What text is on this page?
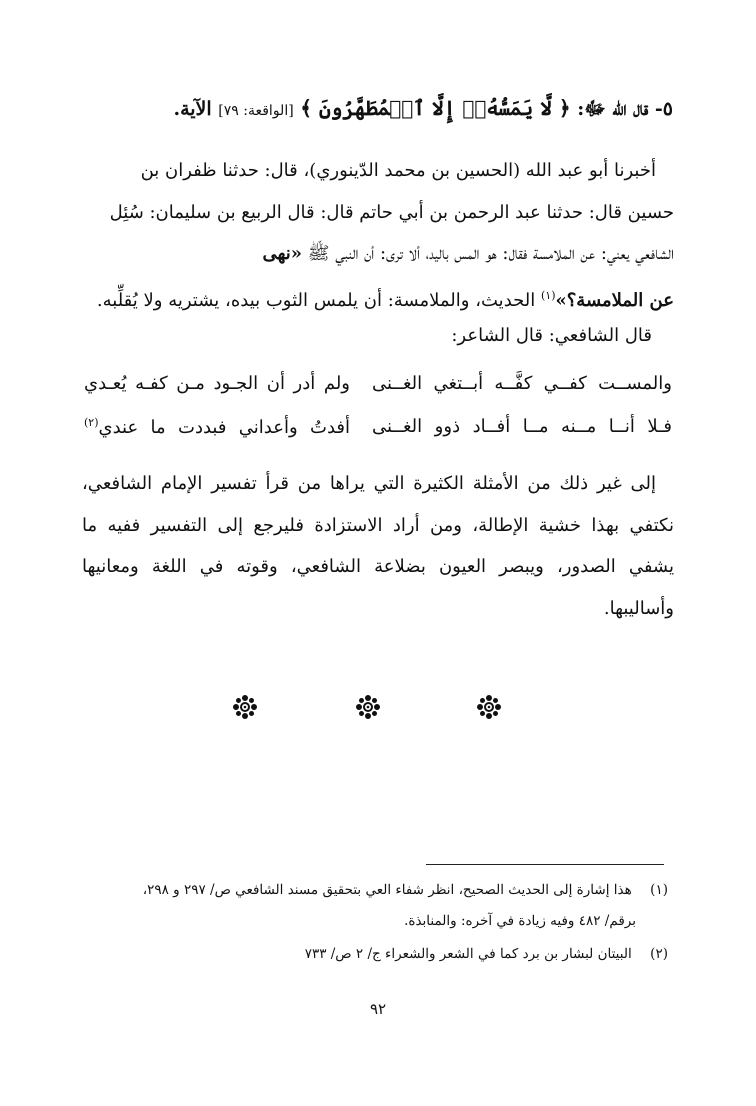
٥- قال الله ﷻ: ﴿ لَّا يَمَسُّهُۥٓ إِلَّا ٱلۡمُطَهَّرُونَ ﴾ [الواقعة: ٧٩] الآية.
أخبرنا أبو عبد الله (الحسين بن محمد الدّينوري)، قال: حدثنا ظفران بن
حسين قال: حدثنا عبد الرحمن بن أبي حاتم قال: قال الربيع بن سليمان: سُئِل
الشافعي يعني: عن الملامسة فقال: هو المس باليد، ألا ترى: أن النبي ﷺ «نهى
عن الملامسة؟»$^{(١)}$ الحديث، والملامسة: أن يلمس الثوب بيده، يشتريه ولا يُقلِّبه.
قال الشافعي: قال الشاعر:
والمســت كفــي كفَّــه أبــتغي الغــنى
ولم أدر أن الجـود مـن كفـه يُعـدي
فـلا أنــا مــنه مــا أفــاد ذوو الغــنى
أفدتُ وأعداني فبددت ما عندي$^{(٢)}$
إلى غير ذلك من الأمثلة الكثيرة التي يراها من قرأ تفسير الإمام الشافعي،
نكتفي بهذا خشية الإطالة، ومن أراد الاستزادة فليرجع إلى التفسير ففيه ما
يشفي الصدور، ويبصر العيون بضلاعة الشافعي، وقوته في اللغة ومعانيها
وأساليبها.
(١) هذا إشارة إلى الحديث الصحيح، انظر شفاء العي بتحقيق مسند الشافعي ص/ ٢٩٧ و ٢٩٨،
برقم/ ٤٨٢ وفيه زيادة في آخره: والمنابذة.
(٢) البيتان لبشار بن برد كما في الشعر والشعراء ج/ ٢ ص/ ٧٣٣
٩٢
